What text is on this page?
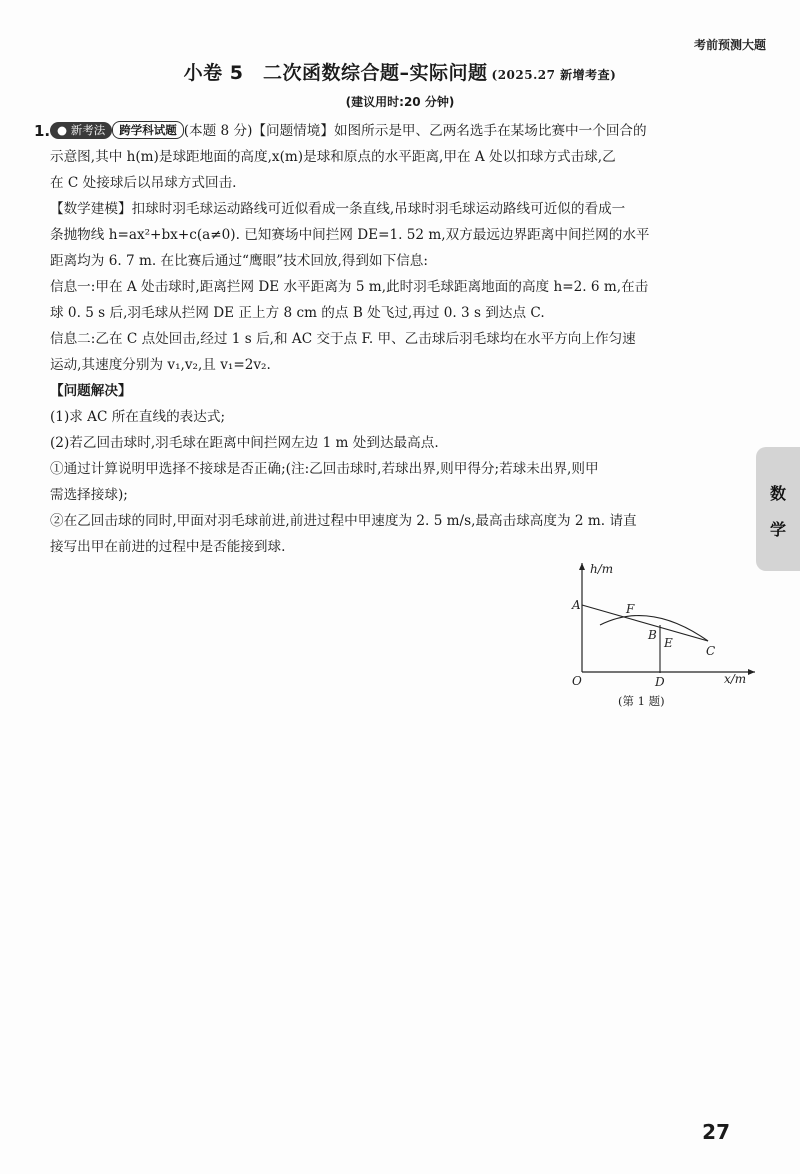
考前预测大题
小卷 5　二次函数综合题–实际问题 (2025.27 新增考查)
(建议用时:20 分钟)
1. ● 新考法 跨学科试题 (本题 8 分)【问题情境】如图所示是甲、乙两名选手在某场比赛中一个回合的
示意图,其中 h(m)是球距地面的高度,x(m)是球和原点的水平距离,甲在 A 处以扣球方式击球,乙
在 C 处接球后以吊球方式回击.
【数学建模】扣球时羽毛球运动路线可近似看成一条直线,吊球时羽毛球运动路线可近似的看成一
条抛物线 h=ax²+bx+c(a≠0). 已知赛场中间拦网 DE=1. 52 m,双方最远边界距离中间拦网的水平
距离均为 6. 7 m. 在比赛后通过“鹰眼”技术回放,得到如下信息:
信息一:甲在 A 处击球时,距离拦网 DE 水平距离为 5 m,此时羽毛球距离地面的高度 h=2. 6 m,在击
球 0. 5 s 后,羽毛球从拦网 DE 正上方 8 cm 的点 B 处飞过,再过 0. 3 s 到达点 C.
信息二:乙在 C 点处回击,经过 1 s 后,和 AC 交于点 F. 甲、乙击球后羽毛球均在水平方向上作匀速
运动,其速度分别为 v₁,v₂,且 v₁=2v₂.
【问题解决】
(1)求 AC 所在直线的表达式;
(2)若乙回击球时,羽毛球在距离中间拦网左边 1 m 处到达最高点.
①通过计算说明甲选择不接球是否正确;(注:乙回击球时,若球出界,则甲得分;若球未出界,则甲
需选择接球);
②在乙回击球的同时,甲面对羽毛球前进,前进过程中甲速度为 2. 5 m/s,最高击球高度为 2 m. 请直
接写出甲在前进的过程中是否能接到球.
h/m
x/m
O
A	F
B
E
C
D
(第 1 题)
数
学
27
